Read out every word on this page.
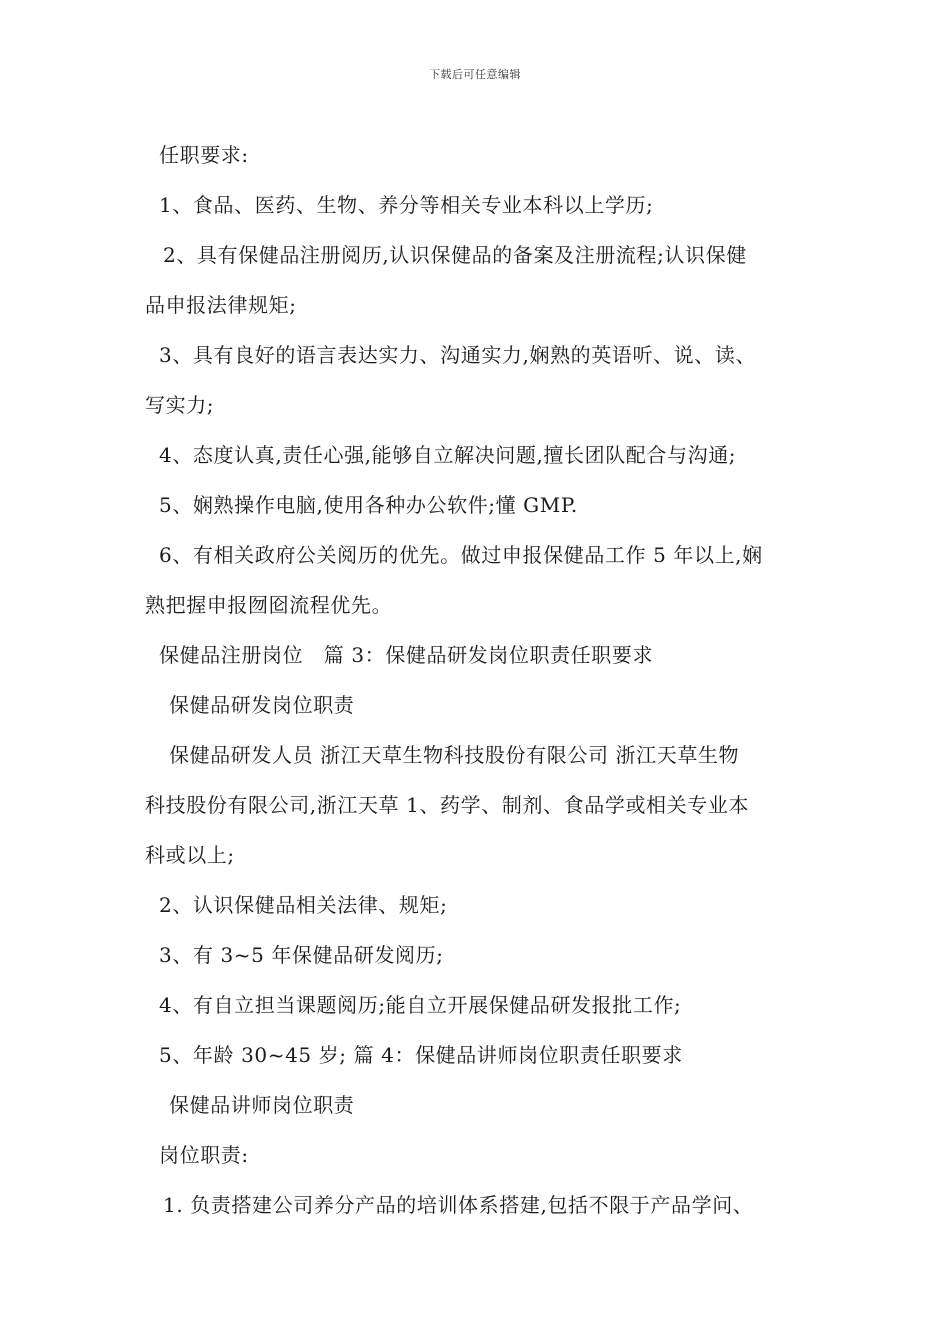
下载后可任意编辑
任职要求:
1、食品、医药、生物、养分等相关专业本科以上学历;
2、具有保健品注册阅历,认识保健品的备案及注册流程;认识保健
品申报法律规矩;
3、具有良好的语言表达实力、沟通实力,娴熟的英语听、说、读、
写实力;
4、态度认真,责任心强,能够自立解决问题,擅长团队配合与沟通;
5、娴熟操作电脑,使用各种办公软件;懂 GMP.
6、有相关政府公关阅历的优先。做过申报保健品工作 5 年以上,娴
熟把握申报囫囵流程优先。
保健品注册岗位　篇 3：保健品研发岗位职责任职要求
保健品研发岗位职责
保健品研发人员 浙江天草生物科技股份有限公司 浙江天草生物
科技股份有限公司,浙江天草 1、药学、制剂、食品学或相关专业本
科或以上;
2、认识保健品相关法律、规矩;
3、有 3~5 年保健品研发阅历;
4、有自立担当课题阅历;能自立开展保健品研发报批工作;
5、年龄 30~45 岁; 篇 4：保健品讲师岗位职责任职要求
保健品讲师岗位职责
岗位职责:
1. 负责搭建公司养分产品的培训体系搭建,包括不限于产品学问、
